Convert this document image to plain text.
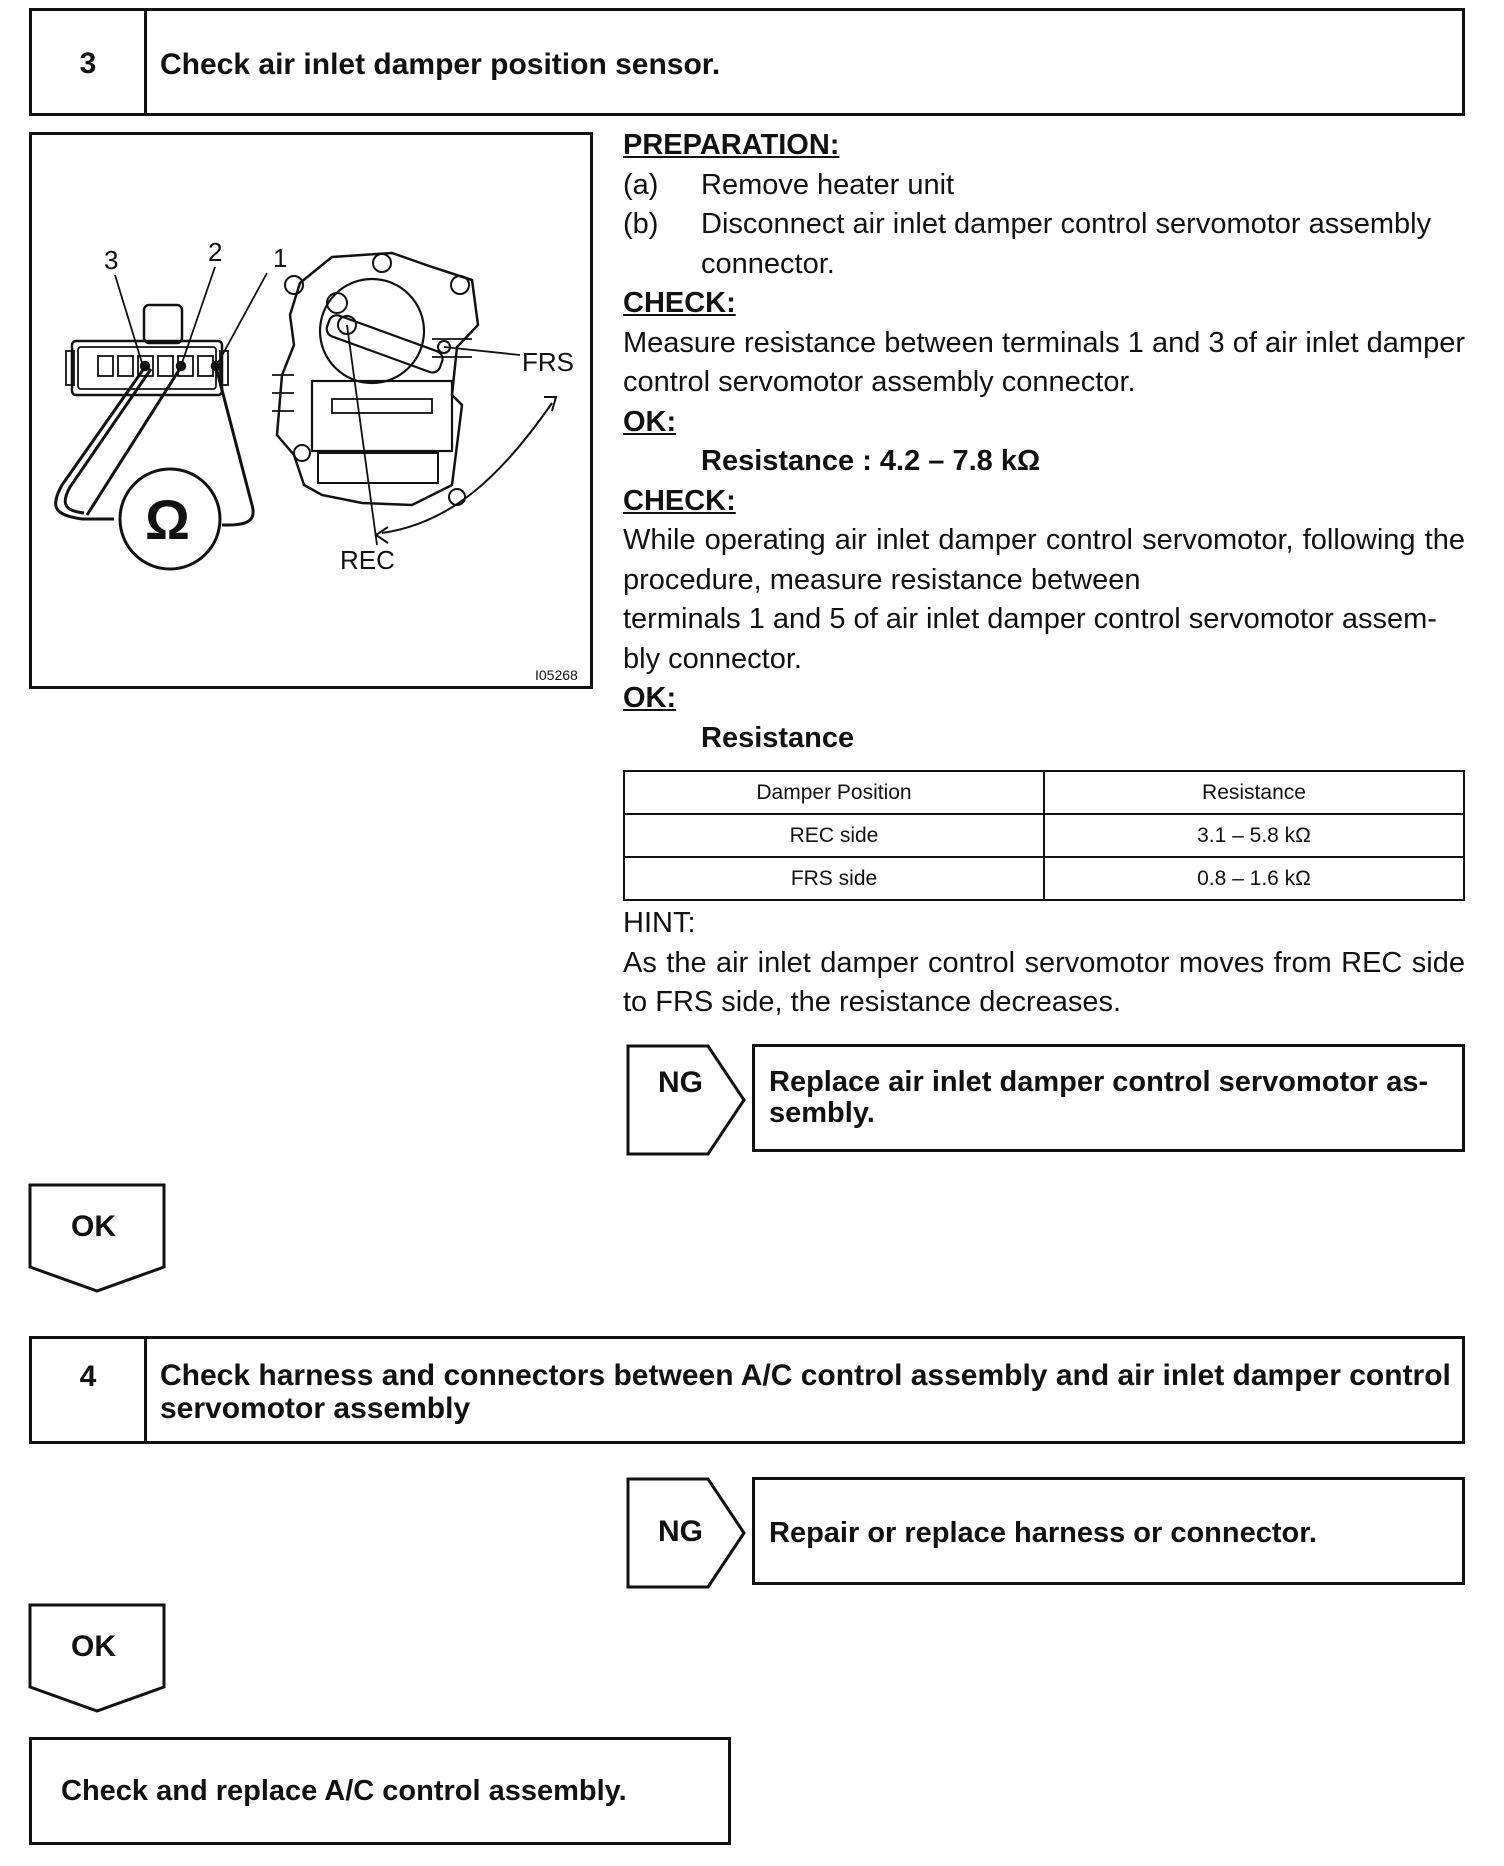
3	Check air inlet damper position sensor.
3	2 1
Ω
FRS
REC
I05268
PREPARATION:
(a)	Remove heater unit
(b)	Disconnect air inlet damper control servomotor assembly connector.
CHECK:
Measure resistance between terminals 1 and 3 of air inlet damper control servomotor assembly connector.
OK:
Resistance : 4.2 – 7.8 kΩ
CHECK:
While operating air inlet damper control servomotor, following the procedure, measure resistance between
terminals 1 and 5 of air inlet damper control servomotor assem-bly connector.
OK:
Resistance
Damper Position	Resistance
REC side	3.1 – 5.8 kΩ
FRS side	0.8 – 1.6 kΩ
HINT:
As the air inlet damper control servomotor moves from REC side to FRS side, the resistance decreases.
NG	Replace air inlet damper control servomotor as-sembly.
OK
4	Check harness and connectors between A/C control assembly and air inlet damper control servomotor assembly
NG	Repair or replace harness or connector.
OK
Check and replace A/C control assembly.
